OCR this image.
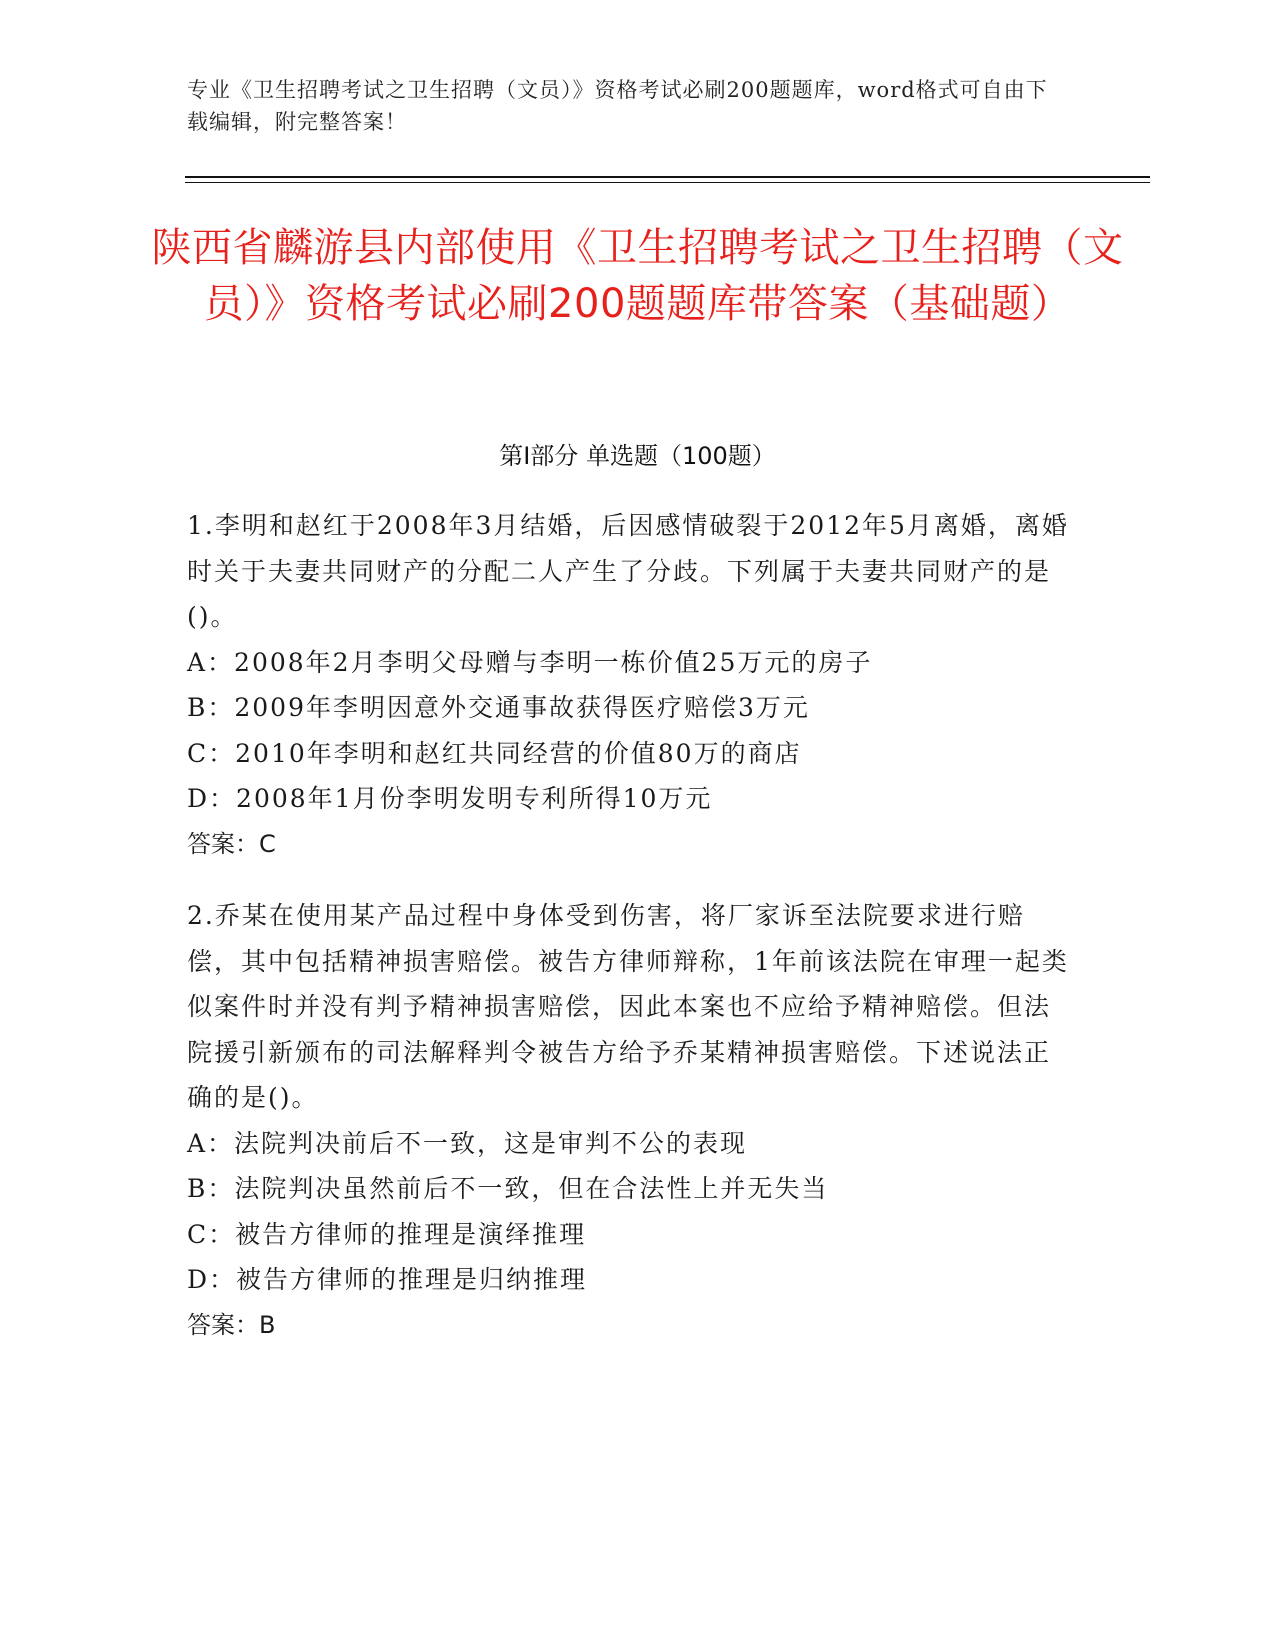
专业《卫生招聘考试之卫生招聘（文员）》资格考试必刷200题题库，word格式可自由下载编辑，附完整答案！
陕西省麟游县内部使用《卫生招聘考试之卫生招聘（文员）》资格考试必刷200题题库带答案（基础题）
第Ⅰ部分 单选题（100题）

1.李明和赵红于2008年3月结婚，后因感情破裂于2012年5月离婚，离婚时关于夫妻共同财产的分配二人产生了分歧。下列属于夫妻共同财产的是()。

A：2008年2月李明父母赠与李明一栋价值25万元的房子

B：2009年李明因意外交通事故获得医疗赔偿3万元

C：2010年李明和赵红共同经营的价值80万的商店

D：2008年1月份李明发明专利所得10万元

答案：C

2.乔某在使用某产品过程中身体受到伤害，将厂家诉至法院要求进行赔偿，其中包括精神损害赔偿。被告方律师辩称，1年前该法院在审理一起类似案件时并没有判予精神损害赔偿，因此本案也不应给予精神赔偿。但法院援引新颁布的司法解释判令被告方给予乔某精神损害赔偿。下述说法正确的是()。

A：法院判决前后不一致，这是审判不公的表现

B：法院判决虽然前后不一致，但在合法性上并无失当

C：被告方律师的推理是演绎推理

D：被告方律师的推理是归纳推理

答案：B
